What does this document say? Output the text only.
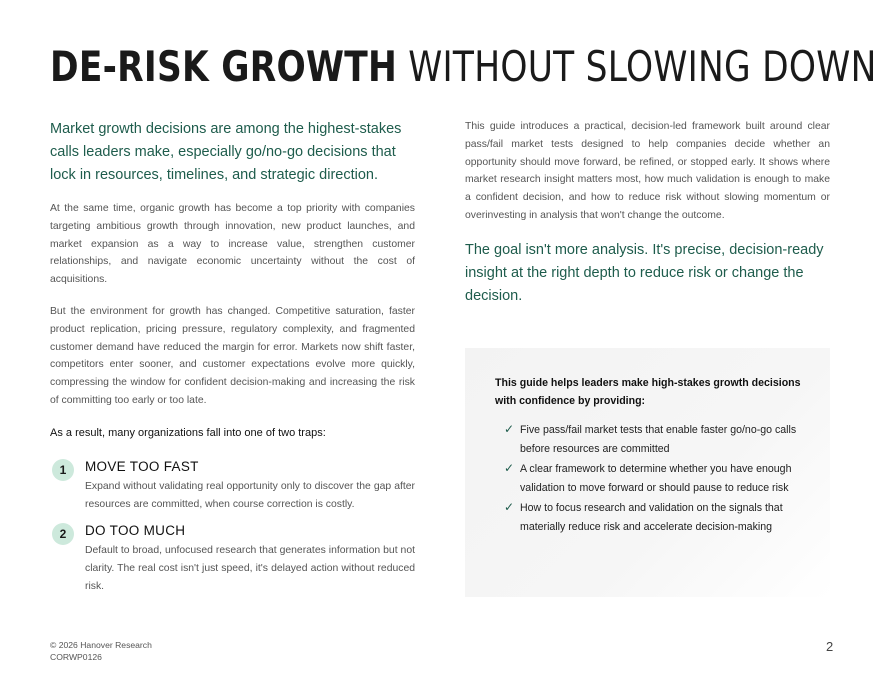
DE-RISK GROWTH WITHOUT SLOWING DOWN

Market growth decisions are among the highest-stakes calls leaders make, especially go/no-go decisions that lock in resources, timelines, and strategic direction.

At the same time, organic growth has become a top priority with companies targeting ambitious growth through innovation, new product launches, and market expansion as a way to increase value, strengthen customer relationships, and navigate economic uncertainty without the cost of acquisitions.

But the environment for growth has changed. Competitive saturation, faster product replication, pricing pressure, regulatory complexity, and fragmented customer demand have reduced the margin for error. Markets now shift faster, competitors enter sooner, and customer expectations evolve more quickly, compressing the window for confident decision-making and increasing the risk of committing too early or too late.

As a result, many organizations fall into one of two traps:

1	MOVE TOO FAST

Expand without validating real opportunity only to discover the gap after resources are committed, when course correction is costly.

2	DO TOO MUCH

Default to broad, unfocused research that generates information but not clarity. The real cost isn't just speed, it's delayed action without reduced risk.

This guide introduces a practical, decision-led framework built around clear pass/fail market tests designed to help companies decide whether an opportunity should move forward, be refined, or stopped early. It shows where market research insight matters most, how much validation is enough to make a confident decision, and how to reduce risk without slowing momentum or overinvesting in analysis that won't change the outcome.

The goal isn't more analysis. It's precise, decision-ready insight at the right depth to reduce risk or change the decision.

This guide helps leaders make high-stakes growth decisions with confidence by providing:

✓ Five pass/fail market tests that enable faster go/no-go calls before resources are committed
✓ A clear framework to determine whether you have enough validation to move forward or should pause to reduce risk
✓ How to focus research and validation on the signals that materially reduce risk and accelerate decision-making
© 2026 Hanover Research
CORWP0126
2
